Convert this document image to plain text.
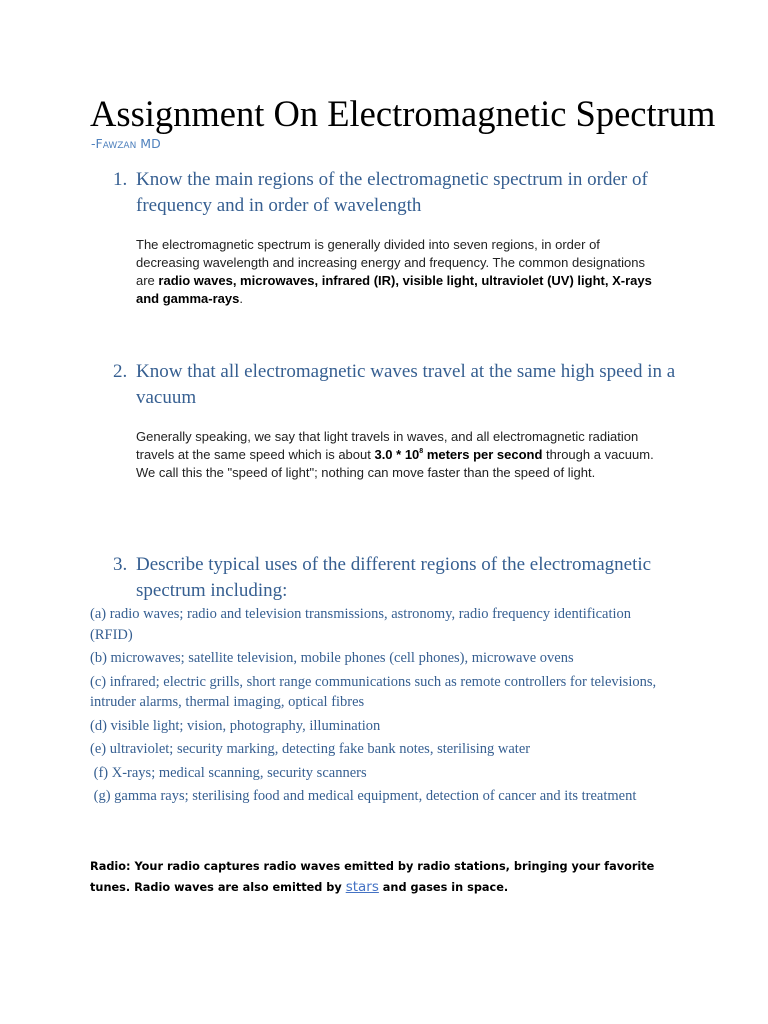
Assignment On Electromagnetic Spectrum
-Fawzan MD
1. Know the main regions of the electromagnetic spectrum in order of frequency and in order of wavelength

The electromagnetic spectrum is generally divided into seven regions, in order of decreasing wavelength and increasing energy and frequency. The common designations are radio waves, microwaves, infrared (IR), visible light, ultraviolet (UV) light, X-rays and gamma-rays.

2. Know that all electromagnetic waves travel at the same high speed in a vacuum

Generally speaking, we say that light travels in waves, and all electromagnetic radiation travels at the same speed which is about $3.0 * 10^8$ meters per second through a vacuum. We call this the "speed of light"; nothing can move faster than the speed of light.

3. Describe typical uses of the different regions of the electromagnetic spectrum including:

(a) radio waves; radio and television transmissions, astronomy, radio frequency identification (RFID)

(b) microwaves; satellite television, mobile phones (cell phones), microwave ovens

(c) infrared; electric grills, short range communications such as remote controllers for televisions, intruder alarms, thermal imaging, optical fibres

(d) visible light; vision, photography, illumination

(e) ultraviolet; security marking, detecting fake bank notes, sterilising water

(f) X-rays; medical scanning, security scanners

(g) gamma rays; sterilising food and medical equipment, detection of cancer and its treatment

Radio: Your radio captures radio waves emitted by radio stations, bringing your favorite tunes. Radio waves are also emitted by stars and gases in space.
